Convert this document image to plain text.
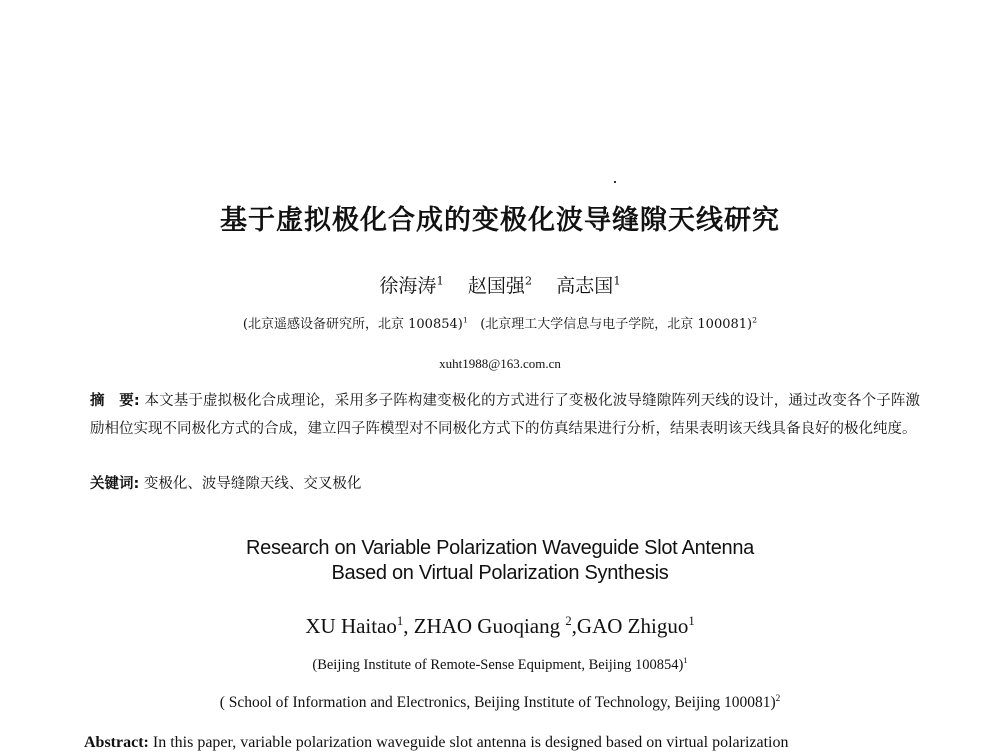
基于虚拟极化合成的变极化波导缝隙天线研究
徐海涛$^1$ 赵国强$^2$ 高志国$^1$
(北京遥感设备研究所，北京 100854)$^1$ (北京理工大学信息与电子学院，北京 100081)$^2$
xuht1988@163.com.cn
摘　要: 本文基于虚拟极化合成理论，采用多子阵构建变极化的方式进行了变极化波导缝隙阵列天线的设计，通过改变各个子阵激励相位实现不同极化方式的合成，建立四子阵模型对不同极化方式下的仿真结果进行分析，结果表明该天线具备良好的极化纯度。
关键词: 变极化、波导缝隙天线、交叉极化
Research on Variable Polarization Waveguide Slot Antenna
Based on Virtual Polarization Synthesis
XU Haitao$^1$, ZHAO Guoqiang $^2$,GAO Zhiguo$^1$
(Beijing Institute of Remote-Sense Equipment, Beijing 100854)$^1$
( School of Information and Electronics, Beijing Institute of Technology, Beijing 100081)$^2$
Abstract: In this paper, variable polarization waveguide slot antenna is designed based on virtual polarization
